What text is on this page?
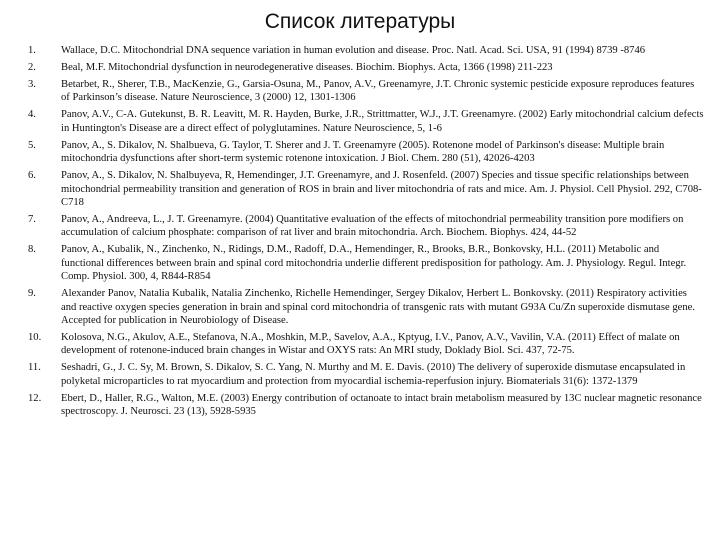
Список литературы
1.	Wallace, D.C. Mitochondrial DNA sequence variation in human evolution and disease. Proc. Natl. Acad. Sci. USA, 91 (1994) 8739 -8746
2.	Beal, M.F. Mitochondrial dysfunction in neurodegenerative diseases. Biochim. Biophys. Acta, 1366 (1998) 211-223
3.	Betarbet, R., Sherer, T.B., MacKenzie, G., Garsia-Osuna, M., Panov, A.V., Greenamyre, J.T. Chronic systemic pesticide exposure reproduces features of Parkinson’s disease. Nature Neuroscience, 3 (2000) 12, 1301-1306
4.	Panov, A.V., C-A. Gutekunst, B. R. Leavitt, M. R. Hayden, Burke, J.R., Strittmatter, W.J., J.T. Greenamyre. (2002) Early mitochondrial calcium defects in Huntington's Disease are a direct effect of polyglutamines. Nature Neuroscience, 5, 1-6
5.	Panov, A., S. Dikalov, N. Shalbueva, G. Taylor, T. Sherer and J. T. Greenamyre (2005). Rotenone model of Parkinson's disease: Multiple brain mitochondria dysfunctions after short-term systemic rotenone intoxication. J Biol. Chem. 280 (51), 42026-4203
6.	Panov, A., S. Dikalov, N. Shalbuyeva, R, Hemendinger, J.T. Greenamyre, and J. Rosenfeld. (2007) Species and tissue specific relationships between mitochondrial permeability transition and generation of ROS in brain and liver mitochondria of rats and mice. Am. J. Physiol. Cell Physiol. 292, C708-C718
7.	Panov, A., Andreeva, L., J. T. Greenamyre. (2004) Quantitative evaluation of the effects of mitochondrial permeability transition pore modifiers on accumulation of calcium phosphate: comparison of rat liver and brain mitochondria. Arch. Biochem. Biophys. 424, 44-52
8.	Panov, A., Kubalik, N., Zinchenko, N., Ridings, D.M., Radoff, D.A., Hemendinger, R., Brooks, B.R., Bonkovsky, H.L. (2011) Metabolic and functional differences between brain and spinal cord mitochondria underlie different predisposition for pathology. Am. J. Physiology. Regul. Integr. Comp. Physiol. 300, 4, R844-R854
9.	Alexander Panov, Natalia Kubalik, Natalia Zinchenko, Richelle Hemendinger, Sergey Dikalov, Herbert L. Bonkovsky. (2011) Respiratory activities and reactive oxygen species generation in brain and spinal cord mitochondria of transgenic rats with mutant G93A Cu/Zn superoxide dismutase gene. Accepted for publication in Neurobiology of Disease.
10.	Kolosova, N.G., Akulov, A.E., Stefanova, N.A., Moshkin, M.P., Savelov, A.A., Kptyug, I.V., Panov, A.V., Vavilin, V.A. (2011) Effect of malate on development of rotenone-induced brain changes in Wistar and OXYS rats: An MRI study, Doklady Biol. Sci. 437, 72-75.
11.	Seshadri, G., J. C. Sy, M. Brown, S. Dikalov, S. C. Yang, N. Murthy and M. E. Davis. (2010) The delivery of superoxide dismutase encapsulated in polyketal microparticles to rat myocardium and protection from myocardial ischemia-reperfusion injury. Biomaterials 31(6): 1372-1379
12.	Ebert, D., Haller, R.G., Walton, M.E. (2003) Energy contribution of octanoate to intact brain metabolism measured by 13C nuclear magnetic resonance spectroscopy. J. Neurosci. 23 (13), 5928-5935
